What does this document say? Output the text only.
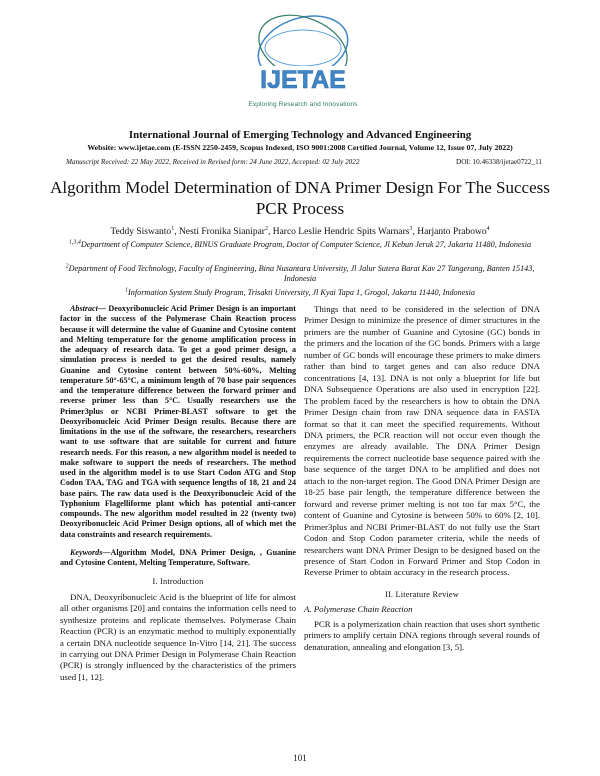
IJETAE
Exploring Research and Innovations
International Journal of Emerging Technology and Advanced Engineering
Website: www.ijetae.com (E-ISSN 2250-2459, Scopus Indexed, ISO 9001:2008 Certified Journal, Volume 12, Issue 07, July 2022)
Manuscript Received: 22 May 2022, Received in Revised form: 24 June 2022, Accepted: 02 July 2022	DOI: 10.46338/ijetae0722_11
Algorithm Model Determination of DNA Primer Design For The Success PCR Process
Teddy Siswanto$^1$, Nesti Fronika Sianipar$^2$, Harco Leslie Hendric Spits Warnars$^3$, Harjanto Prabowo$^4$
$^{1,3,4}$Department of Computer Science, BINUS Graduate Program, Doctor of Computer Science, Jl Kebun Jeruk 27, Jakarta 11480, Indonesia
$^2$Department of Food Technology, Faculty of Engineering, Bina Nusantara University, Jl Jalur Sutera Barat Kav 27 Tangerang, Banten 15143, Indonesia
$^1$Information System Study Program, Trisakti University, Jl Kyai Tapa 1, Grogol, Jakarta 11440, Indonesia

Abstract— Deoxyribonucleic Acid Primer Design is an important factor in the success of the Polymerase Chain Reaction process because it will determine the value of Guanine and Cytosine content and Melting temperature for the genome amplification process in the adequacy of research data. To get a good primer design, a simulation process is needed to get the desired results, namely Guanine and Cytosine content between 50%-60%, Melting temperature 50°-65°C, a minimum length of 70 base pair sequences and the temperature difference between the forward primer and reverse primer less than 5°C. Usually researchers use the Primer3plus or NCBI Primer-BLAST software to get the Deoxyribonucleic Acid Primer Design results. Because there are limitations in the use of the software, the researchers, researchers want to use software that are suitable for current and future research needs. For this reason, a new algorithm model is needed to make software to support the needs of researchers. The method used in the algorithm model is to use Start Codon ATG and Stop Codon TAA, TAG and TGA with sequence lengths of 18, 21 and 24 base pairs. The raw data used is the Deoxyribonucleic Acid of the Typhonium Flagelliforme plant which has potential anti-cancer compounds. The new algorithm model resulted in 22 (twenty two) Deoxyribonucleic Acid Primer Design options, all of which met the data constraints and research requirements.

Keywords—Algorithm Model, DNA Primer Design, , Guanine and Cytosine Content, Melting Temperature, Software.

I. Introduction

DNA, Deoxyribonucleic Acid is the blueprint of life for almost all other organisms [20] and contains the information cells need to synthesize proteins and replicate themselves. Polymerase Chain Reaction (PCR) is an enzymatic method to multiply exponentially a certain DNA nucleotide sequence In-Vitro [14, 21]. The success in carrying out DNA Primer Design in Polymerase Chain Reaction (PCR) is strongly influenced by the characteristics of the primers used [1, 12].

Things that need to be considered in the selection of DNA Primer Design to minimize the presence of dimer structures in the primers are the number of Guanine and Cytosine (GC) bonds in the primers and the location of the GC bonds. Primers with a large number of GC bonds will encourage these primers to make dimers rather than bind to target genes and can also reduce DNA concentrations [4, 13]. DNA is not only a blueprint for life but DNA Subsequence Operations are also used in encryption [22]. The problem faced by the researchers is how to obtain the DNA Primer Design chain from raw DNA sequence data in FASTA format so that it can meet the specified requirements. Without DNA primers, the PCR reaction will not occur even though the enzymes are already available. The DNA Primer Design requirements the correct nucleotide base sequence paired with the base sequence of the target DNA to be amplified and does not attach to the non-target region. The Good DNA Primer Design are 18-25 base pair length, the temperature difference between the forward and reverse primer melting is not too far max 5°C, the content of Guanine and Cytosine is between 50% to 60% [2, 10]. Primer3plus and NCBI Primer-BLAST do not fully use the Start Codon and Stop Codon parameter criteria, while the needs of researchers want DNA Primer Design to be designed based on the presence of Start Codon in Forward Primer and Stop Codon in Reverse Primer to obtain accuracy in the research process.

II. Literature Review
A. Polymerase Chain Reaction

PCR is a polymerization chain reaction that uses short synthetic primers to amplify certain DNA regions through several rounds of denaturation, annealing and elongation [3, 5].

101
